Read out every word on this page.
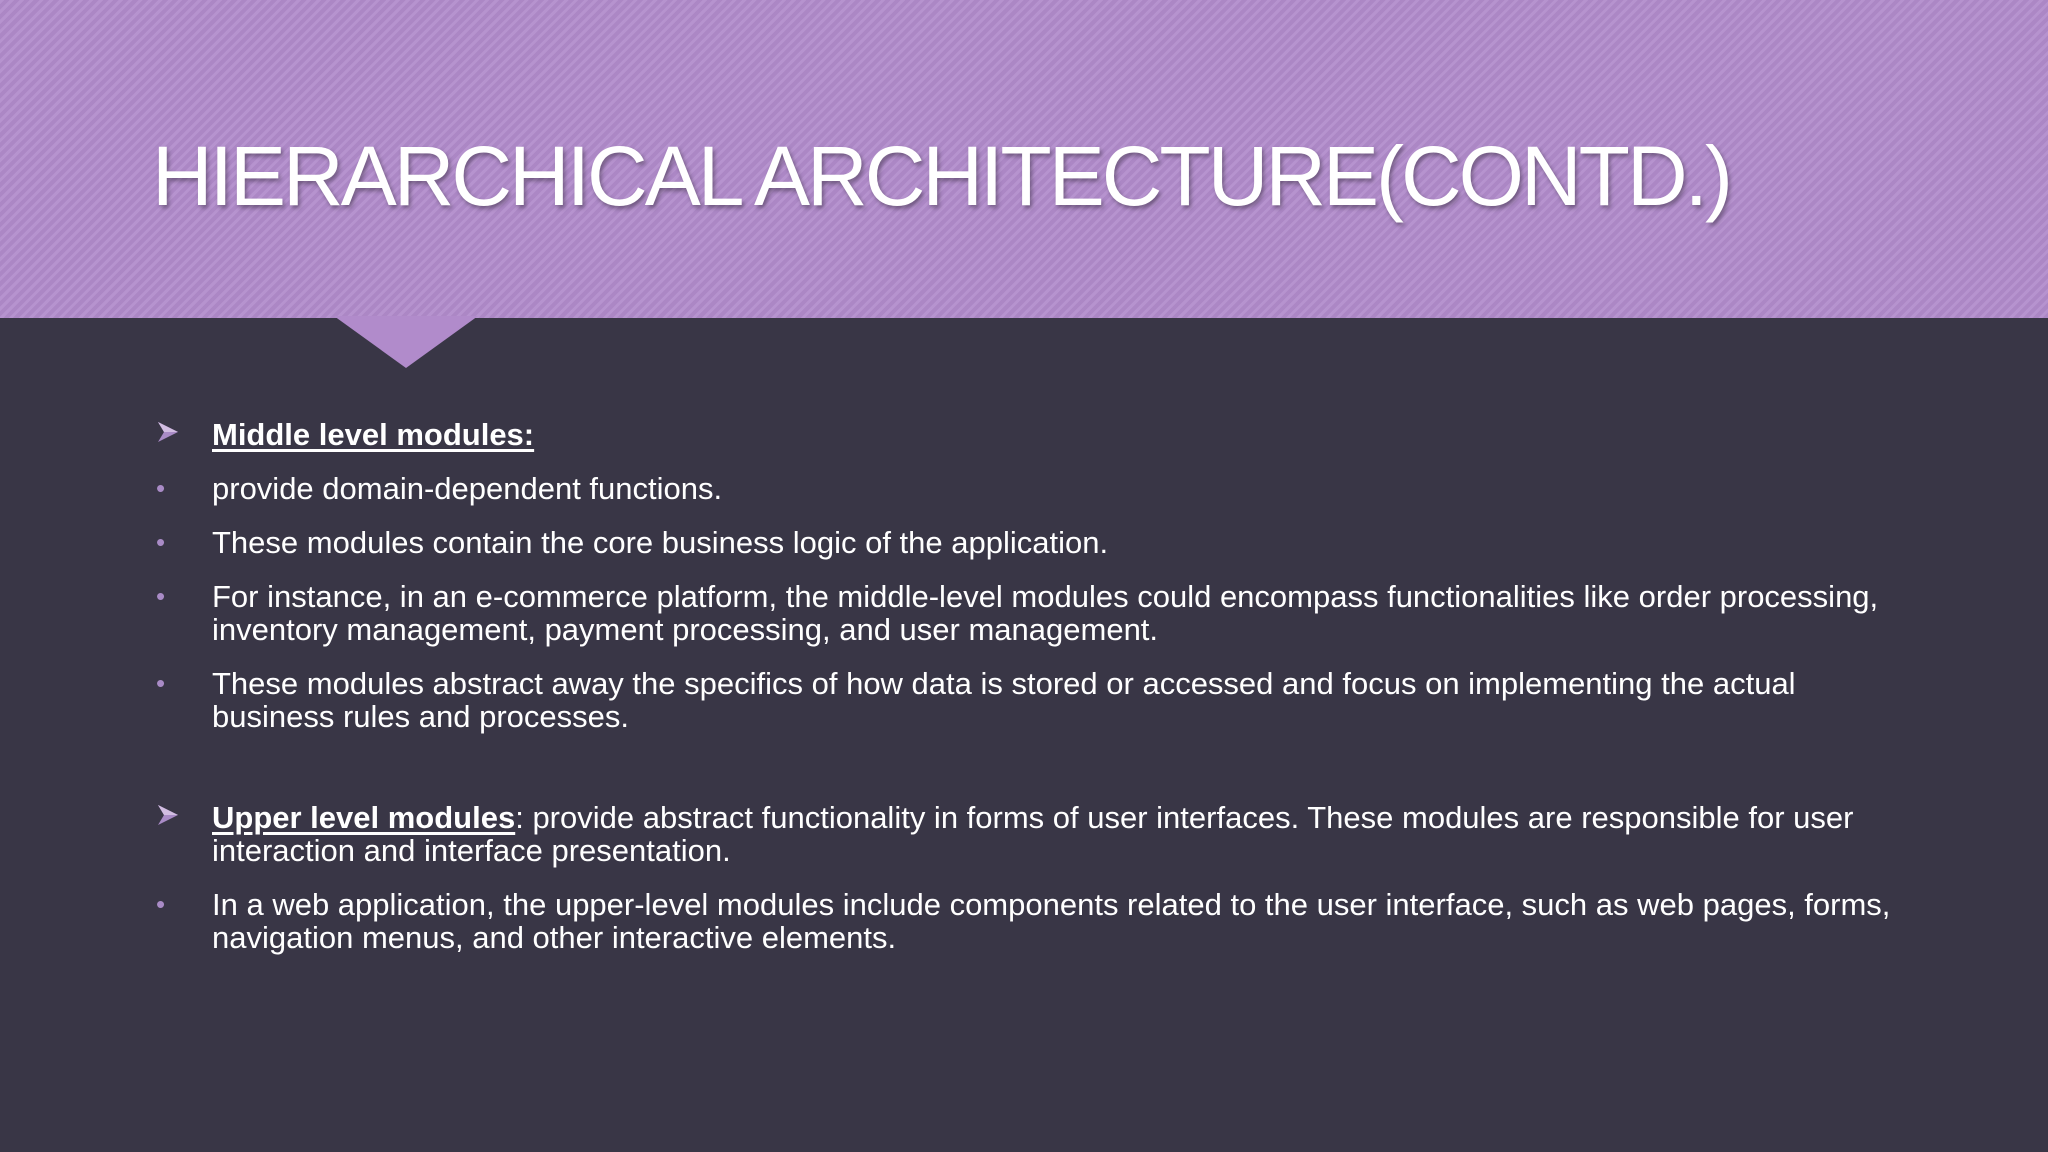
HIERARCHICAL ARCHITECTURE(CONTD.)
Middle level modules:
• provide domain-dependent functions.
• These modules contain the core business logic of the application.
• For instance, in an e-commerce platform, the middle-level modules could encompass functionalities like order processing, inventory management, payment processing, and user management.
• These modules abstract away the specifics of how data is stored or accessed and focus on implementing the actual business rules and processes.
Upper level modules: provide abstract functionality in forms of user interfaces. These modules are responsible for user interaction and interface presentation.
• In a web application, the upper-level modules include components related to the user interface, such as web pages, forms, navigation menus, and other interactive elements.
